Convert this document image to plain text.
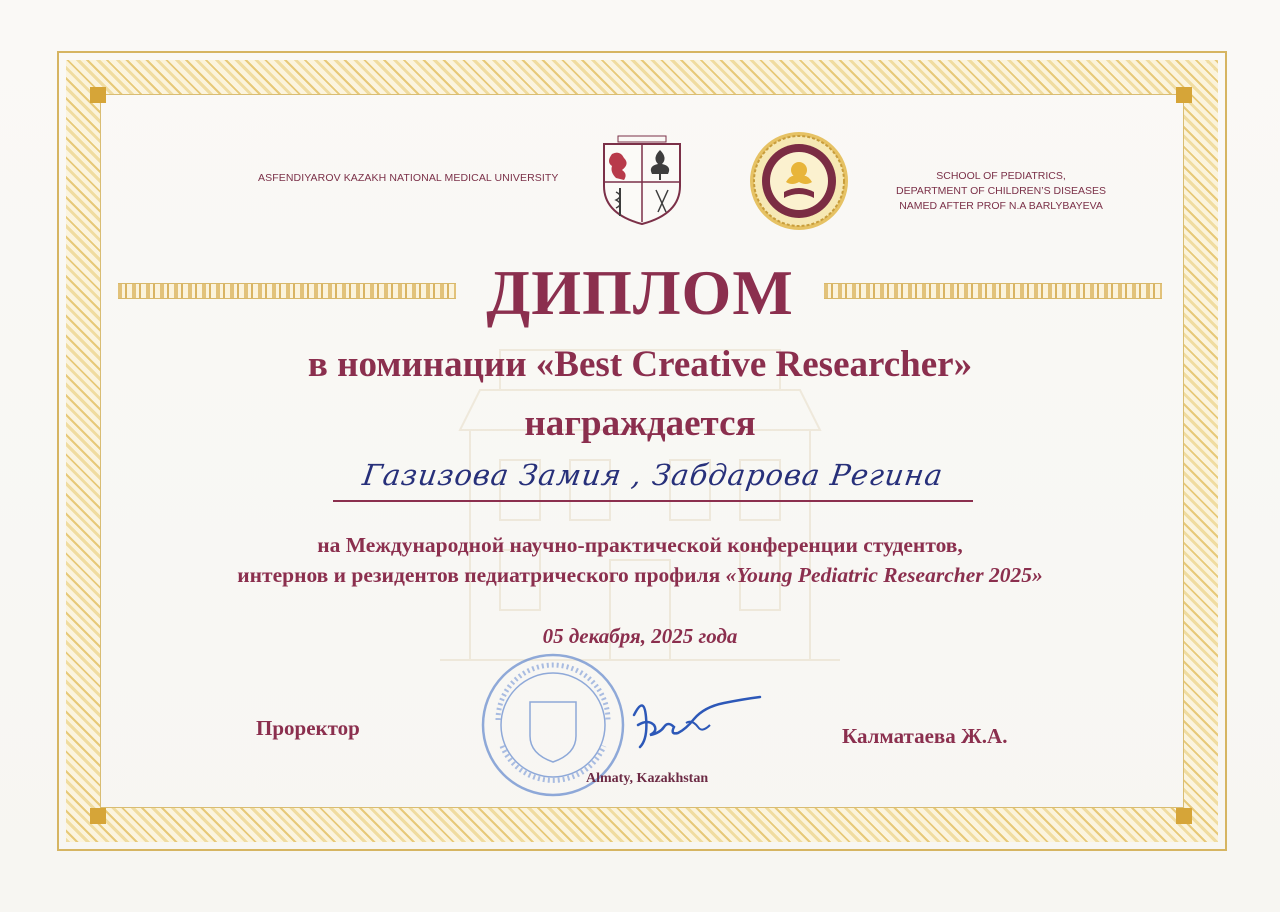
ASFENDIYAROV KAZAKH NATIONAL MEDICAL UNIVERSITY	SCHOOL OF PEDIATRICS,
DEPARTMENT OF CHILDREN’S DISEASES
NAMED AFTER PROF N.A BARLYBAYEVA
ДИПЛОМ
в номинации «Best Creative Researcher»
награждается
Газизова Замия , Забдарова Регина
на Международной научно-практической конференции студентов,
интернов и резидентов педиатрического профиля «Young Pediatric Researcher 2025»
05 декабря, 2025 года
Проректор	Калматаева Ж.А.
Almaty, Kazakhstan
